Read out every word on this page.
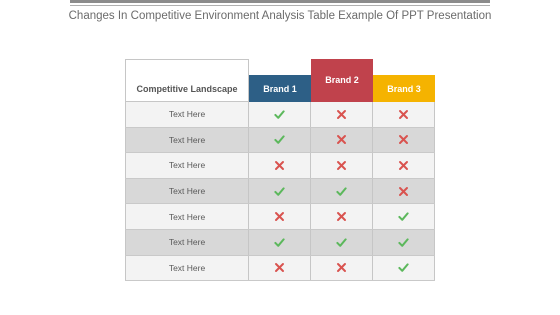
Changes In Competitive Environment Analysis Table Example Of PPT Presentation
Competitive Landscape	Brand 1
Brand 2
Brand 3
Text Here
Text Here
Text Here
Text Here
Text Here
Text Here
Text Here
